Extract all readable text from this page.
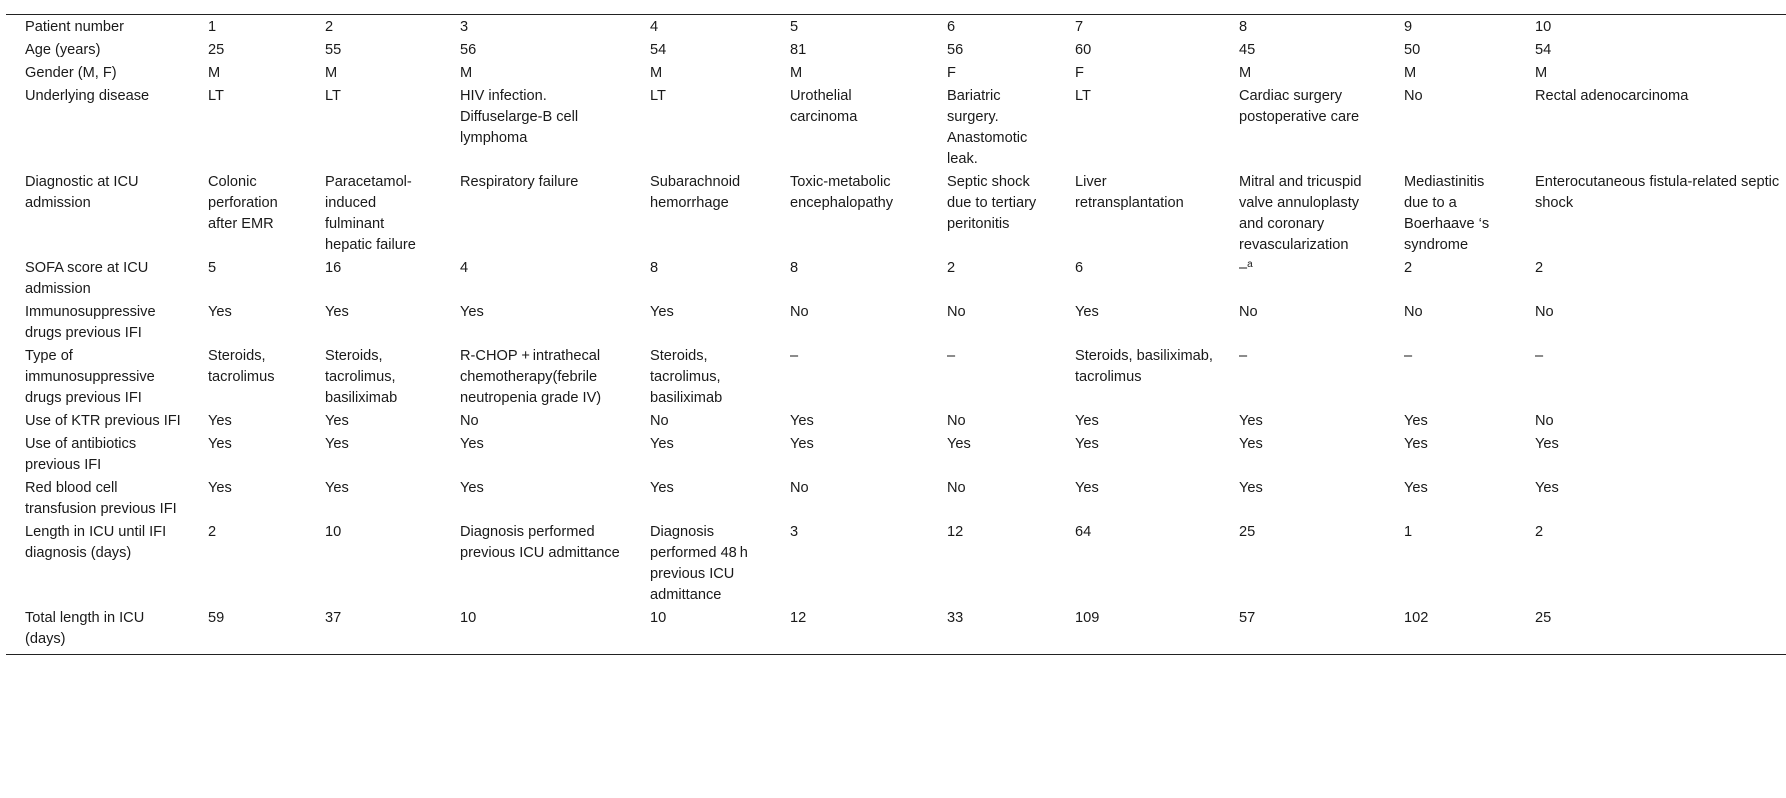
Patient number	1	2	3	4	5	6	7	8	9	10
Age (years)	25	55	56	54	81	56	60	45	50	54
Gender (M, F)	M	M	M	M	M	F	F	M	M	M
Underlying disease	LT	LT	HIV infection. Diffuselarge-B cell lymphoma	LT	Urothelial carcinoma	Bariatric surgery. Anastomotic leak.	LT	Cardiac surgery postoperative care	No	Rectal adenocarcinoma
Diagnostic at ICU admission	Colonic perforation after EMR	Paracetamol-induced fulminant hepatic failure	Respiratory failure	Subarachnoid hemorrhage	Toxic-metabolic encephalopathy	Septic shock due to tertiary peritonitis	Liver retransplantation	Mitral and tricuspid valve annuloplasty and coronary revascularization	Mediastinitis due to a Boerhaave ‘s syndrome	Enterocutaneous fistula-related septic shock
SOFA score at ICU admission	5	16	4	8	8	2	6	–$^a$	2	2
Immunosuppressive drugs previous IFI	Yes	Yes	Yes	Yes	No	No	Yes	No	No	No
Type of immunosuppressive drugs previous IFI	Steroids, tacrolimus	Steroids, tacrolimus, basiliximab	R-CHOP + intrathecal chemotherapy(febrile neutropenia grade IV)	Steroids, tacrolimus, basiliximab	–	–	Steroids, basiliximab, tacrolimus	–	–	–
Use of KTR previous IFI	Yes	Yes	No	No	Yes	No	Yes	Yes	Yes	No
Use of antibiotics previous IFI	Yes	Yes	Yes	Yes	Yes	Yes	Yes	Yes	Yes	Yes
Red blood cell transfusion previous IFI	Yes	Yes	Yes	Yes	No	No	Yes	Yes	Yes	Yes
Length in ICU until IFI diagnosis (days)	2	10	Diagnosis performed previous ICU admittance	Diagnosis performed 48 h previous ICU admittance	3	12	64	25	1	2
Total length in ICU (days)	59	37	10	10	12	33	109	57	102	25
